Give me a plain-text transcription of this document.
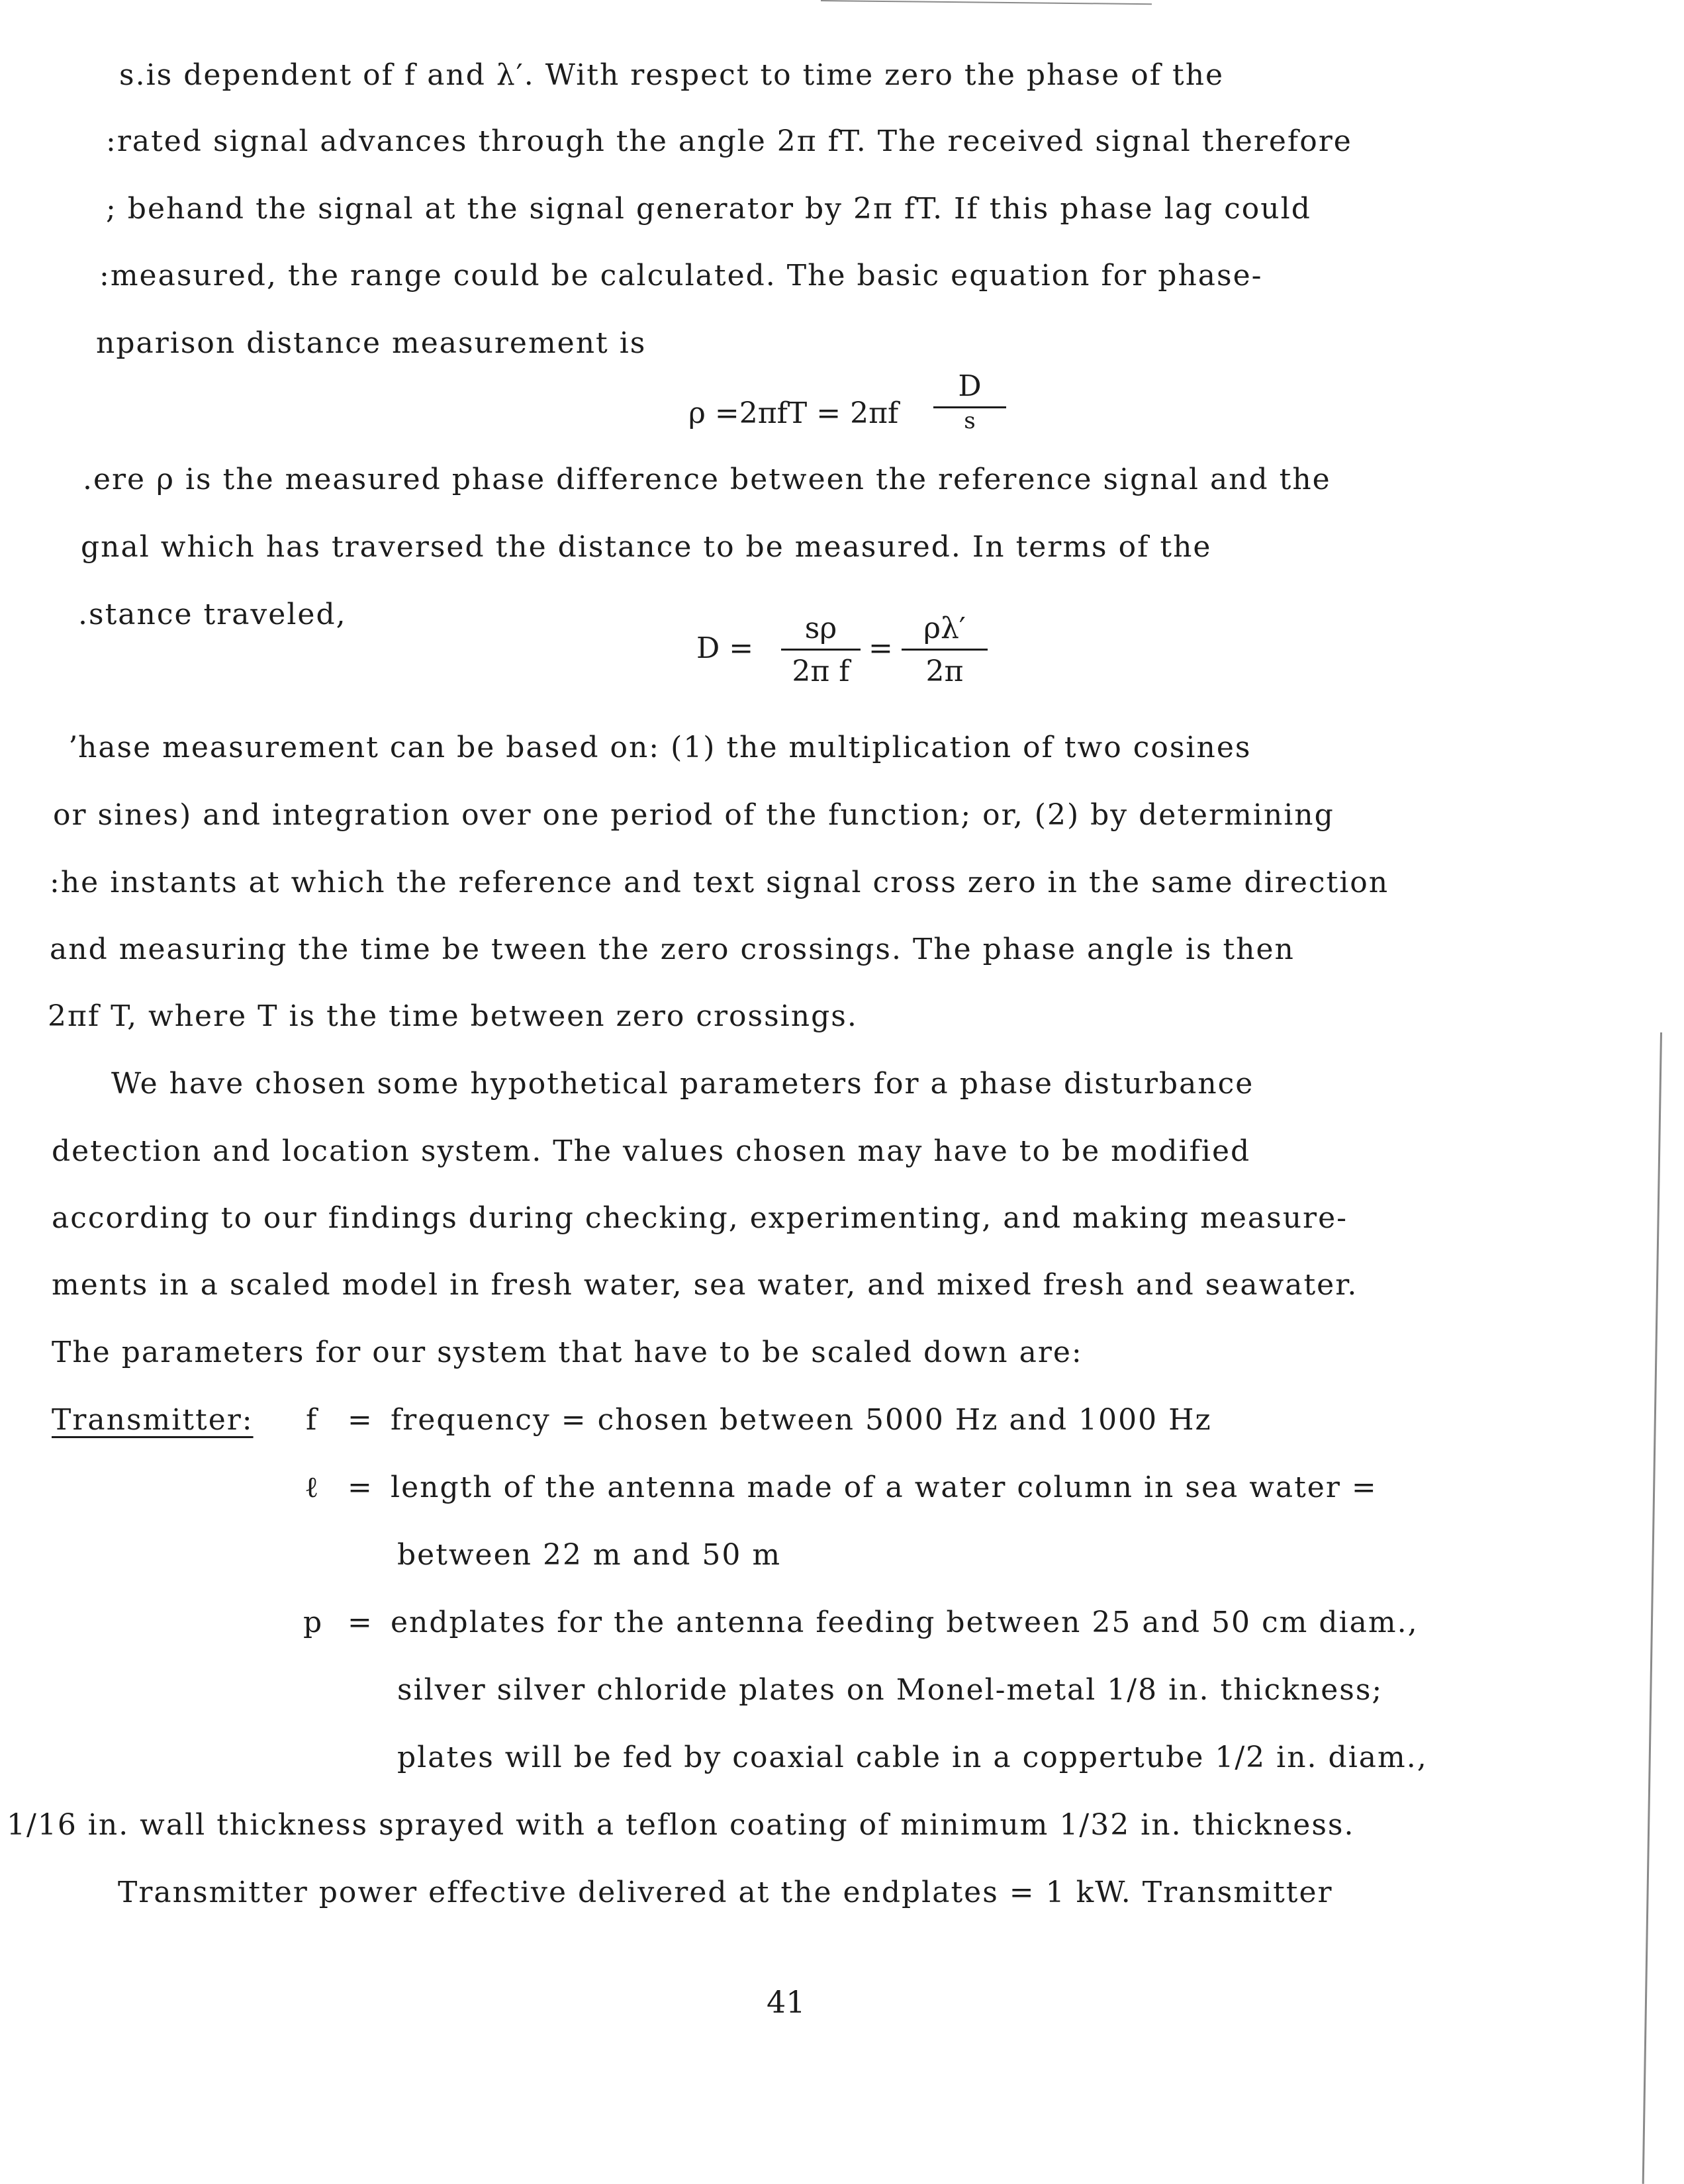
s.is dependent of f and λ′. With respect to time zero the phase of the
:rated signal advances through the angle 2π fT. The received signal therefore
; behand the signal at the signal generator by 2π fT. If this phase lag could
:measured, the range could be calculated. The basic equation for phase-
nparison distance measurement is
ρ =2πfT = 2πf
D
s
.ere ρ is the measured phase difference between the reference signal and the
gnal which has traversed the distance to be measured. In terms of the
.stance traveled,
$D = \frac{s\rho}{\text{2π f}} = \frac{\rho\lambda'}{2\pi}$
ʼhase measurement can be based on: (1) the multiplication of two cosines
or sines) and integration over one period of the function; or, (2) by determining
:he instants at which the reference and text signal cross zero in the same direction
and measuring the time be tween the zero crossings. The phase angle is then
2πf T, where T is the time between zero crossings.
We have chosen some hypothetical parameters for a phase disturbance
detection and location system. The values chosen may have to be modified
according to our findings during checking, experimenting, and making measure-
ments in a scaled model in fresh water, sea water, and mixed fresh and seawater.
The parameters for our system that have to be scaled down are:
Transmitter: f = frequency = chosen between 5000 Hz and 1000 Hz
ℓ = length of the antenna made of a water column in sea water =
between 22 m and 50 m
p = endplates for the antenna feeding between 25 and 50 cm diam.,
silver silver chloride plates on Monel-metal 1/8 in. thickness;
plates will be fed by coaxial cable in a coppertube 1/2 in. diam.,
1/16 in. wall thickness sprayed with a teflon coating of minimum 1/32 in. thickness.
Transmitter power effective delivered at the endplates = 1 kW. Transmitter
41
